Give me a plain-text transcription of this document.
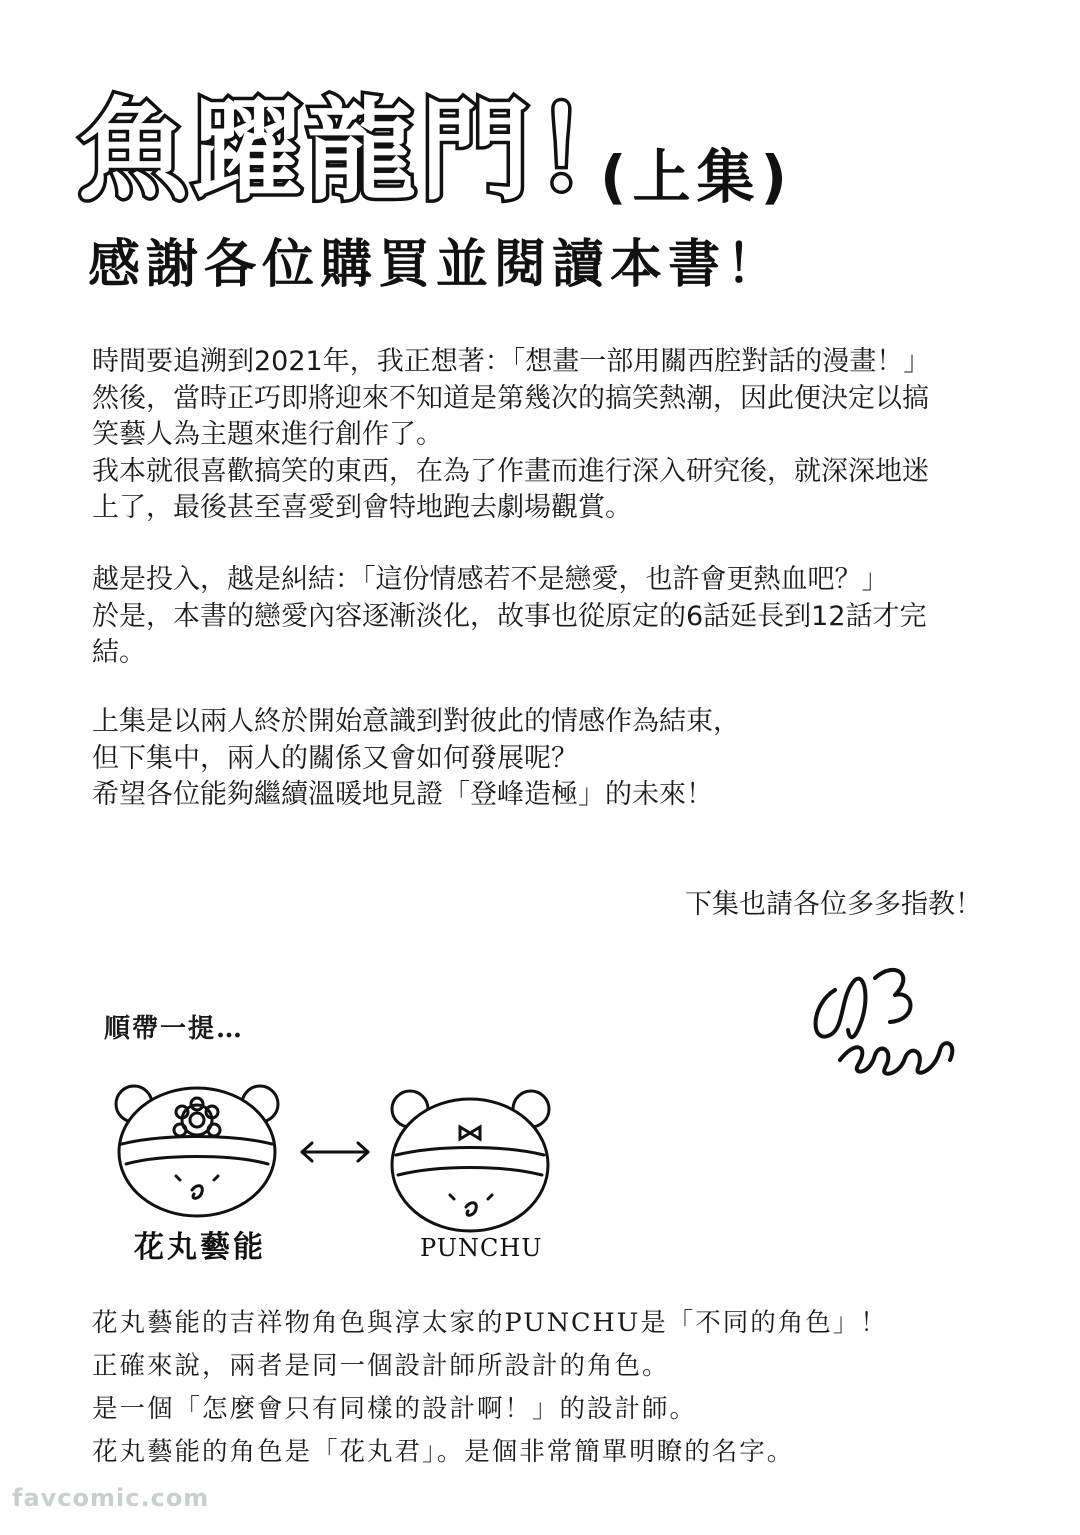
魚躍龍門！
(上集)
感謝各位購買並閱讀本書！
時間要追溯到2021年，我正想著：「想畫一部用關西腔對話的漫畫！」
然後，當時正巧即將迎來不知道是第幾次的搞笑熱潮，因此便決定以搞
笑藝人為主題來進行創作了。
我本就很喜歡搞笑的東西，在為了作畫而進行深入研究後，就深深地迷
上了，最後甚至喜愛到會特地跑去劇場觀賞。
越是投入，越是糾結：「這份情感若不是戀愛，也許會更熱血吧？」
於是，本書的戀愛內容逐漸淡化，故事也從原定的6話延長到12話才完
結。
上集是以兩人終於開始意識到對彼此的情感作為結束，
但下集中，兩人的關係又會如何發展呢？
希望各位能夠繼續溫暖地見證「登峰造極」的未來！
下集也請各位多多指教！
順帶一提…
花丸藝能	PUNCHU
花丸藝能的吉祥物角色與淳太家的PUNCHU是「不同的角色」！
正確來說，兩者是同一個設計師所設計的角色。
是一個「怎麼會只有同樣的設計啊！」的設計師。
花丸藝能的角色是「花丸君」。是個非常簡單明瞭的名字。
favcomic.com
